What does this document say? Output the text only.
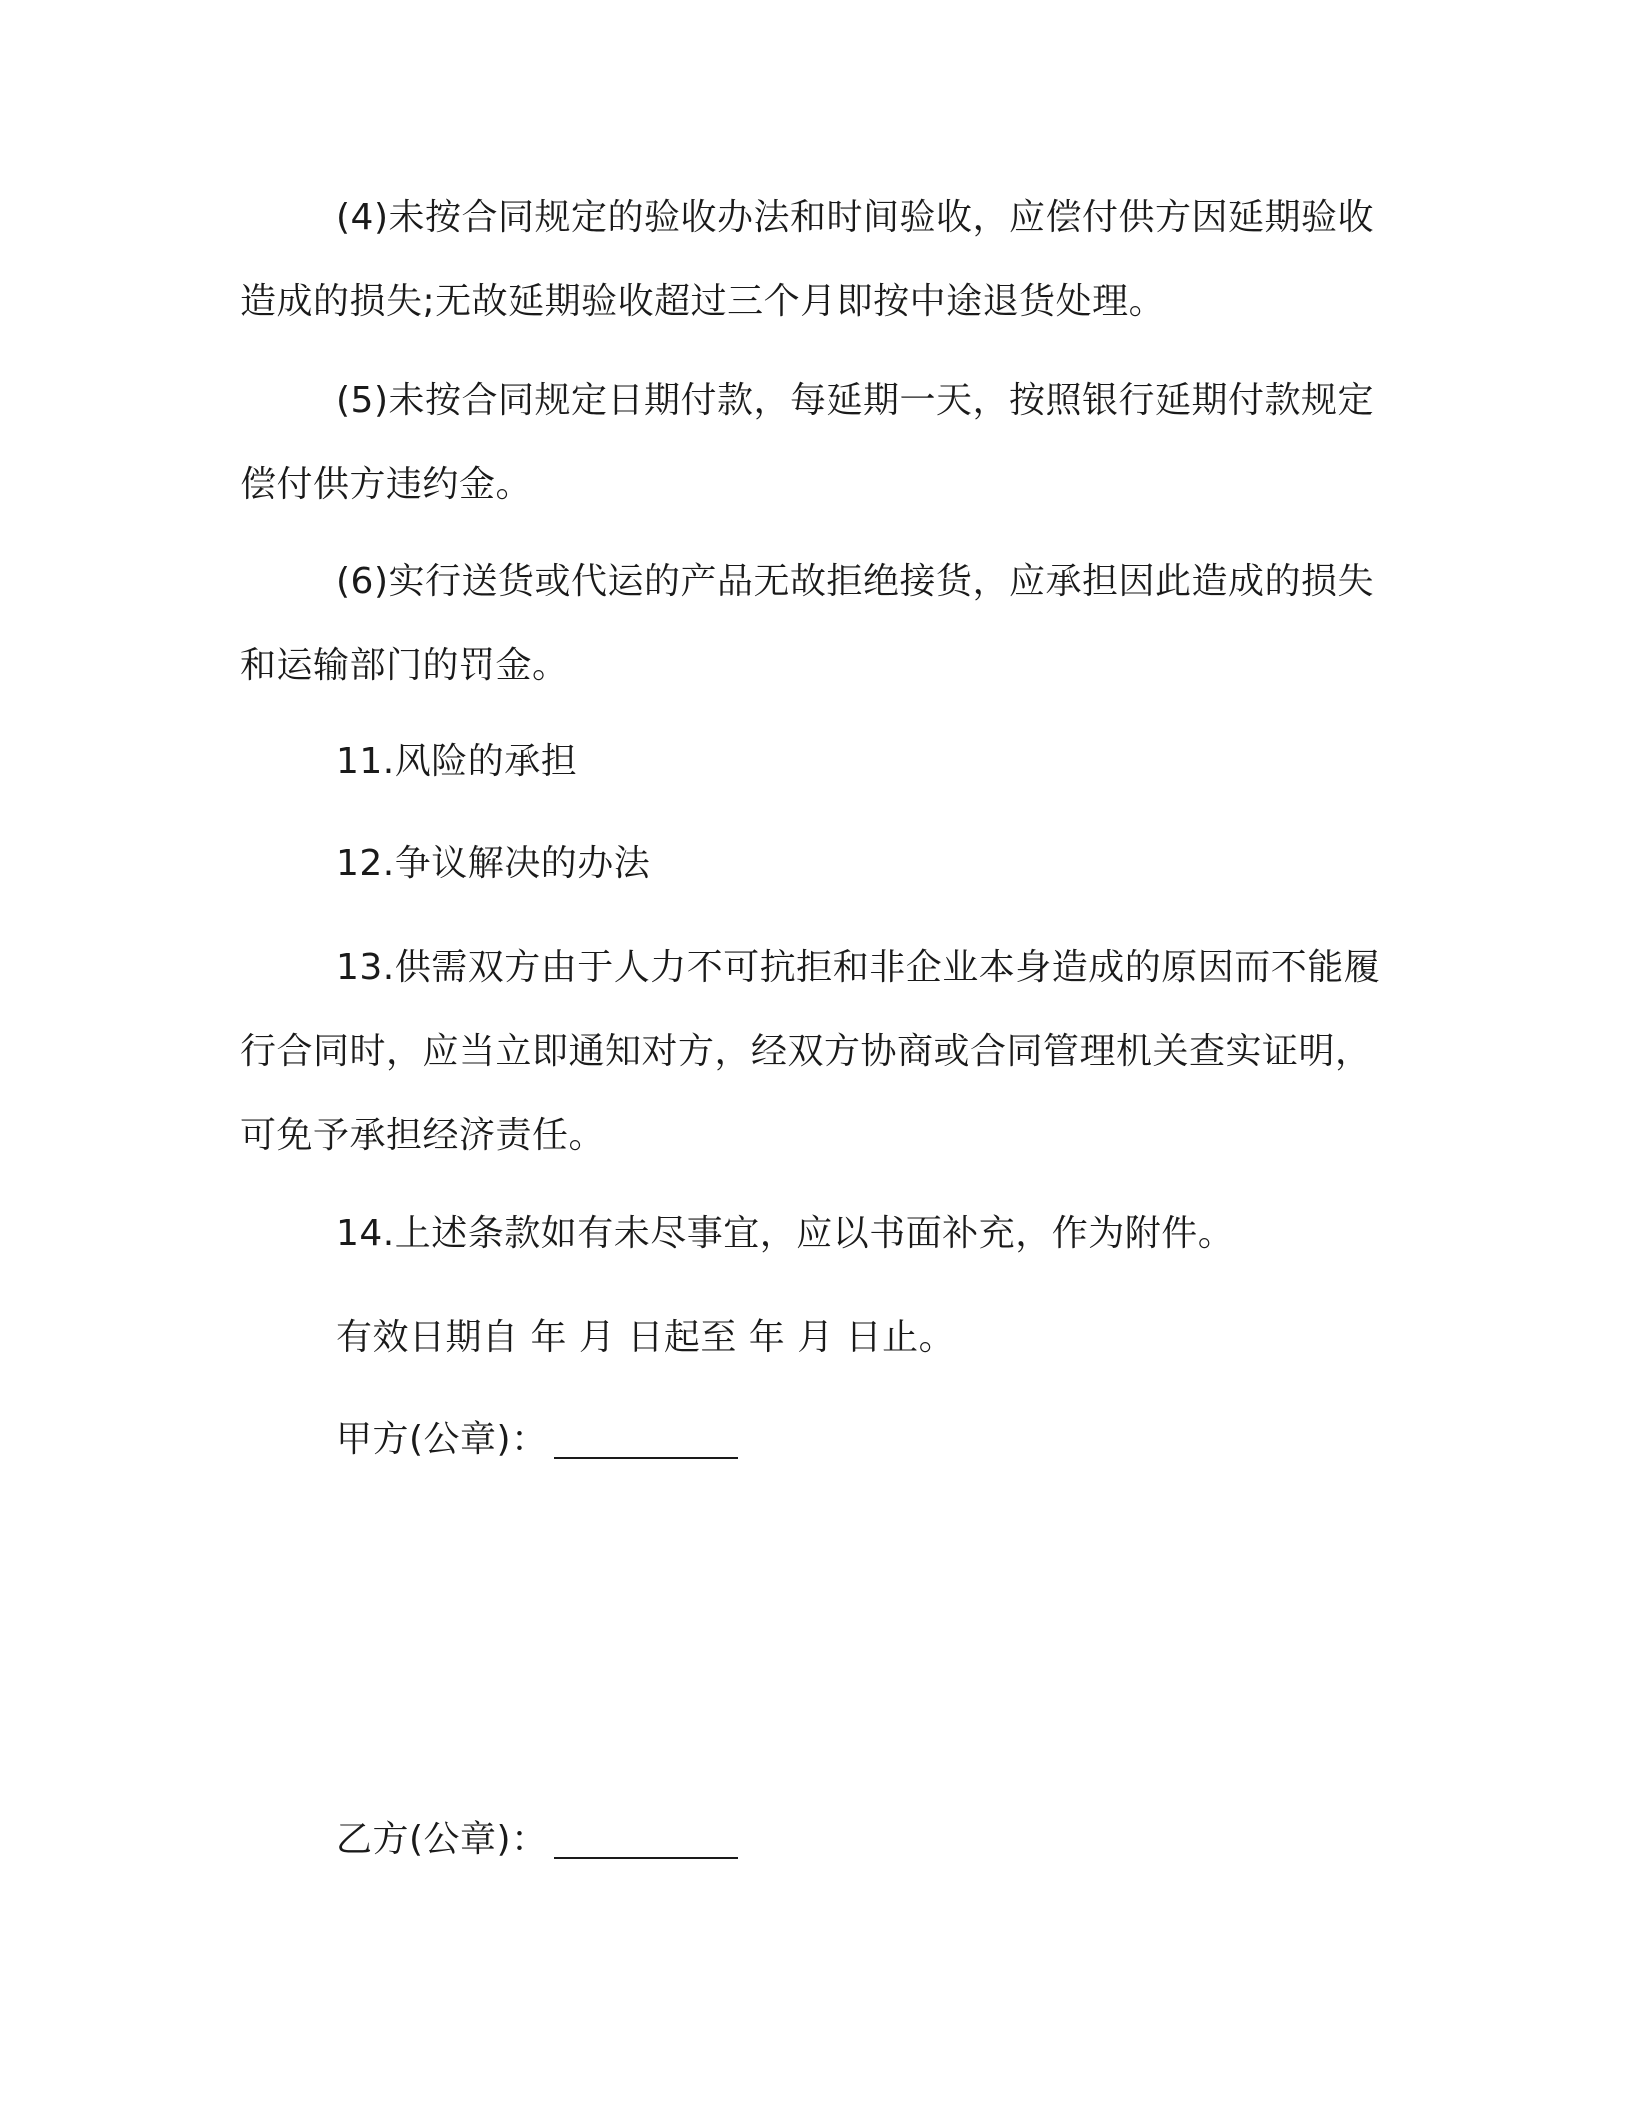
(4)未按合同规定的验收办法和时间验收，应偿付供方因延期验收造成的损失;无故延期验收超过三个月即按中途退货处理。

(5)未按合同规定日期付款，每延期一天，按照银行延期付款规定偿付供方违约金。

(6)实行送货或代运的产品无故拒绝接货，应承担因此造成的损失和运输部门的罚金。

11.风险的承担

12.争议解决的办法

13.供需双方由于人力不可抗拒和非企业本身造成的原因而不能履行合同时，应当立即通知对方，经双方协商或合同管理机关查实证明，可免予承担经济责任。

14.上述条款如有未尽事宜，应以书面补充，作为附件。

有效日期自 年 月 日起至 年 月 日止。

甲方(公章)：

乙方(公章)：
